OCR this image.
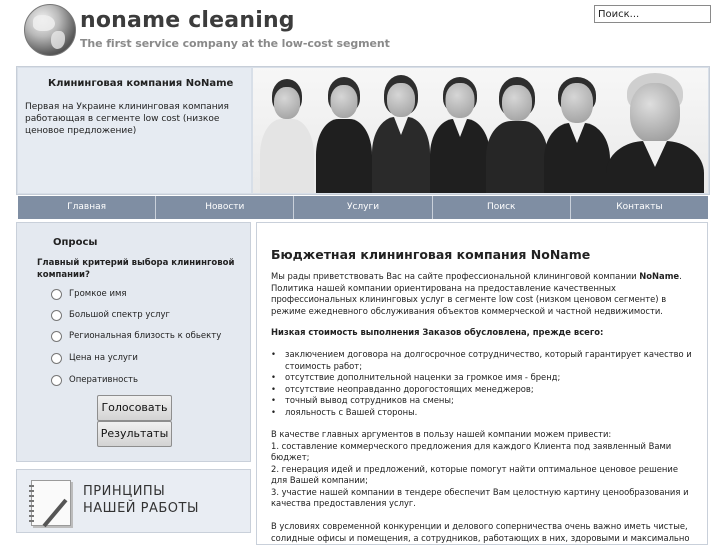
noname cleaning
The first service company at the low-cost segment
Поиск...
Клининговая компания NoName

Первая на Украине клининговая компания работающая в сегменте low cost (низкое ценовое предложение)

Главная	Новости	Услуги	Поиск	Контакты
Опросы
Главный критерий выбора клининговой компании?
Громкое имя
Большой спектр услуг
Региональная близость к обьекту
Цена на услуги
Оперативность
Голосовать
Результаты
ПРИНЦИПЫ
НАШЕЙ РАБОТЫ
Бюджетная клининговая компания NoName

Мы рады приветствовать Вас на сайте профессиональной клининговой компании NoName. Политика нашей компании ориентирована на предоставление качественных профессиональных клининговых услуг в сегменте low cost (низком ценовом сегменте) в режиме ежедневного обслуживания объектов коммерческой и частной недвижимости.

Низкая стоимость выполнения Заказов обусловлена, прежде всего:

• заключением договора на долгосрочное сотрудничество, который гарантирует качество и стоимость работ;
• отсутствие дополнительной наценки за громкое имя - бренд;
• отсутствие неоправданно дорогостоящих менеджеров;
• точный вывод сотрудников на смены;
• лояльность с Вашей стороны.
В качестве главных аргументов в пользу нашей компании можем привести:
1. составление коммерческого предложения для каждого Клиента под заявленный Вами бюджет;
2. генерация идей и предложений, которые помогут найти оптимальное ценовое решение для Вашей компании;
3. участие нашей компании в тендере обеспечит Вам целостную картину ценообразования и качества предоставления услуг.

В условиях современной конкуренции и делового соперничества очень важно иметь чистые, солидные офисы и помещения, а сотрудников, работающих в них, здоровыми и максимально
